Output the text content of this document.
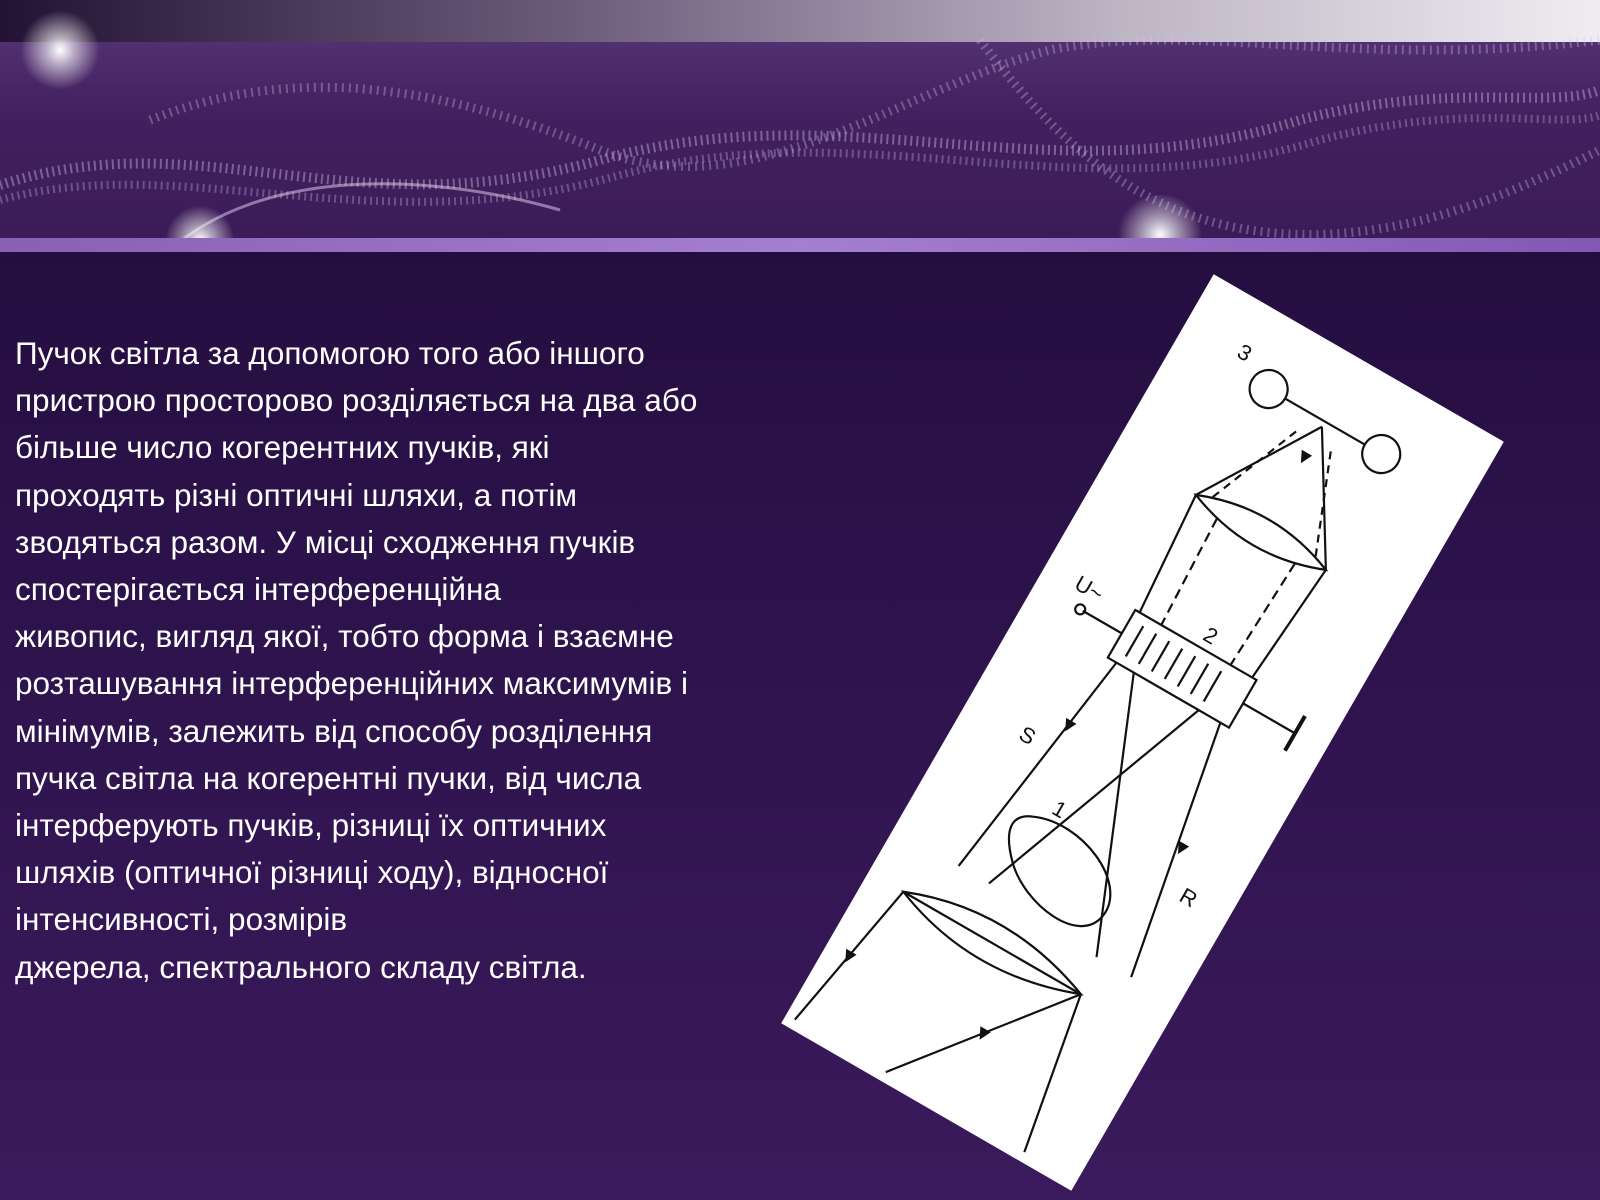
Пучок світла за допомогою того або іншого
пристрою просторово розділяється на два або
більше число когерентних пучків, які
проходять різні оптичні шляхи, а потім
зводяться разом. У місці сходження пучків
спостерігається інтерференційна
живопис, вигляд якої, тобто форма і взаємне
розташування інтерференційних максимумів і
мінімумів, залежить від способу розділення
пучка світла на когерентні пучки, від числа
інтерферують пучків, різниці їх оптичних
шляхів (оптичної різниці ходу), відносної
інтенсивності, розмірів
джерела, спектрального складу світла.
3
2
U~
S
R
1
